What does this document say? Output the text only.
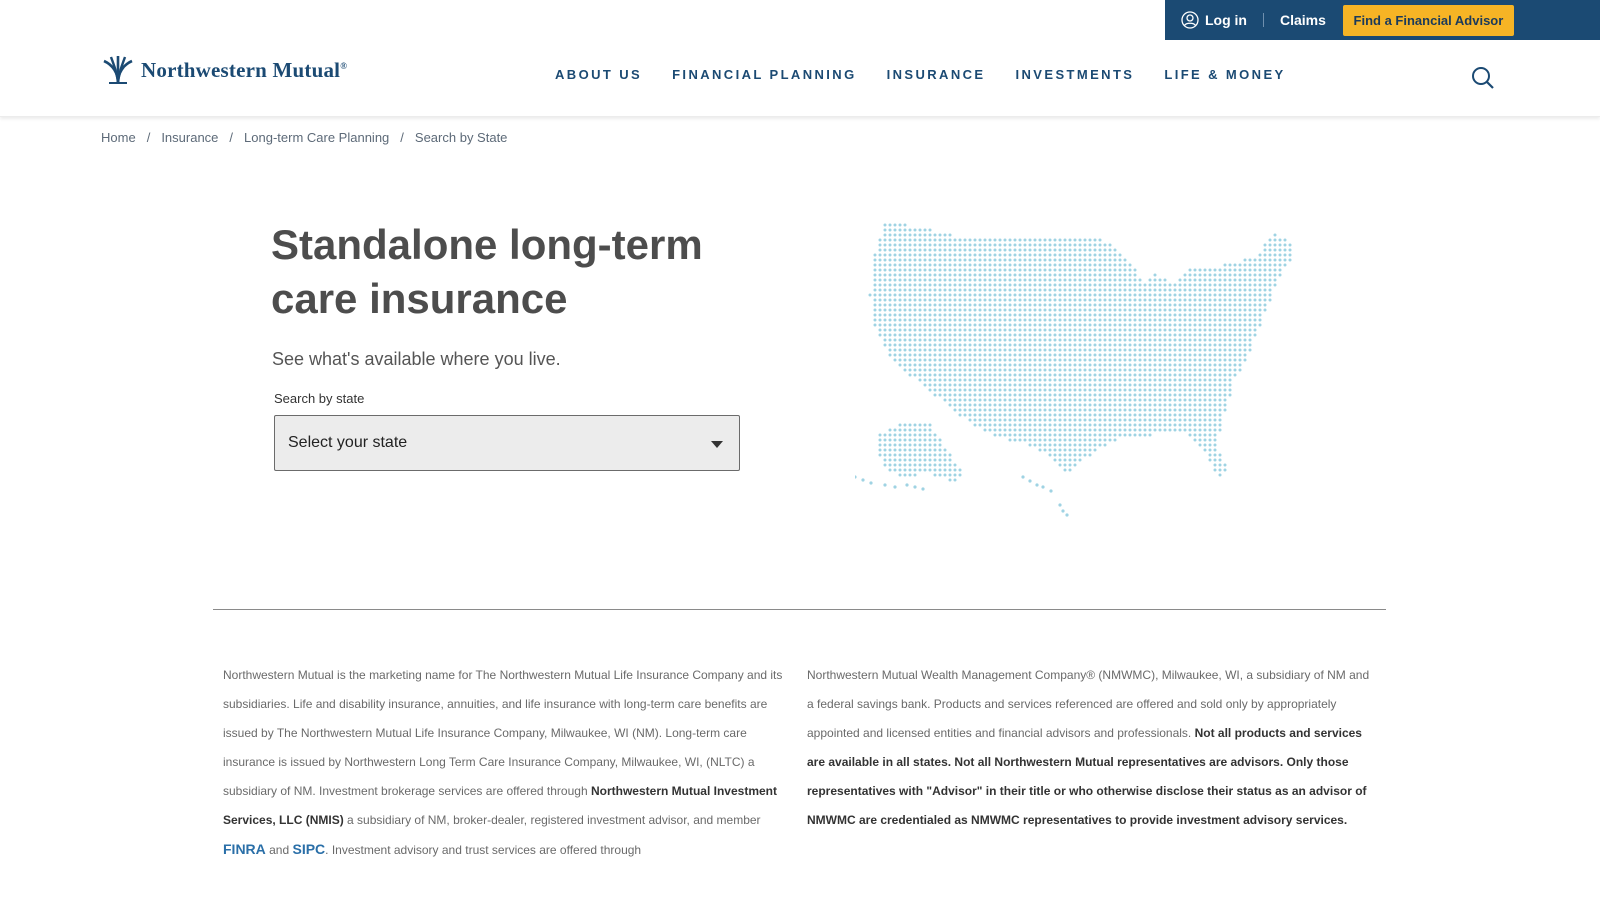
Northwestern Mutual®
ABOUT US FINANCIAL PLANNING INSURANCE INVESTMENTS LIFE & MONEY
Log in Claims	Find a Financial Advisor
Home / Insurance / Long-term Care Planning / Search by State
Standalone long-term
care insurance

See what's available where you live.

Search by state
Select your state
Northwestern Mutual is the marketing name for The Northwestern Mutual Life Insurance Company and its subsidiaries. Life and disability insurance, annuities, and life insurance with long-term care benefits are issued by The Northwestern Mutual Life Insurance Company, Milwaukee, WI (NM). Long-term care insurance is issued by Northwestern Long Term Care Insurance Company, Milwaukee, WI, (NLTC) a subsidiary of NM. Investment brokerage services are offered through Northwestern Mutual Investment Services, LLC (NMIS) a subsidiary of NM, broker-dealer, registered investment advisor, and member FINRA and SIPC. Investment advisory and trust services are offered through
Northwestern Mutual Wealth Management Company® (NMWMC), Milwaukee, WI, a subsidiary of NM and a federal savings bank. Products and services referenced are offered and sold only by appropriately appointed and licensed entities and financial advisors and professionals. Not all products and services are available in all states. Not all Northwestern Mutual representatives are advisors. Only those representatives with "Advisor" in their title or who otherwise disclose their status as an advisor of NMWMC are credentialed as NMWMC representatives to provide investment advisory services.
